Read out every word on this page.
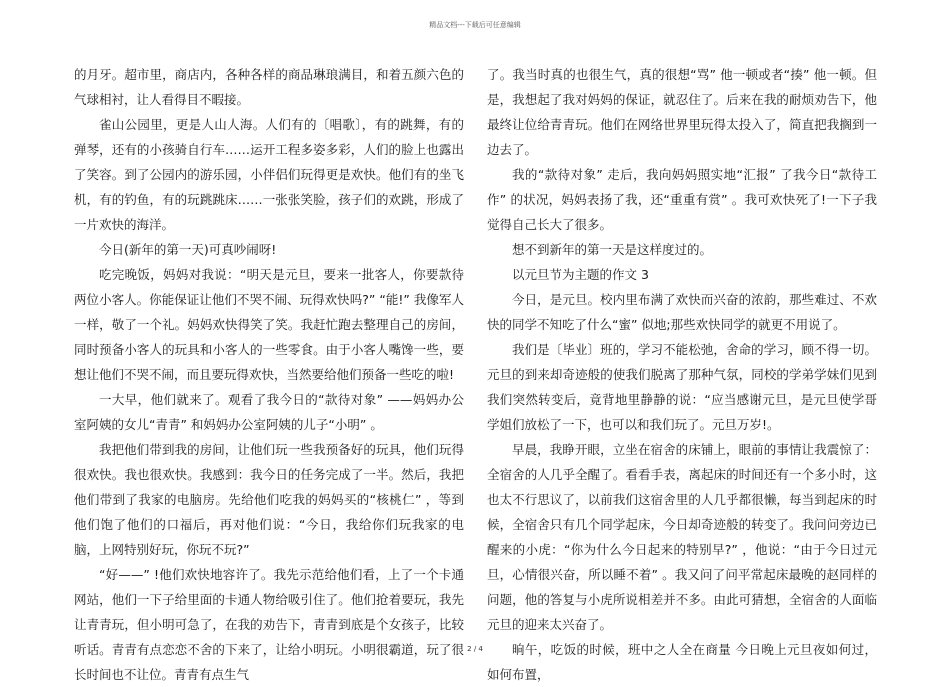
精品文档---下载后可任意编辑

的月牙。超市里，商店内，各种各样的商品琳琅满目，和着五颜六色的气球相衬，让人看得目不暇接。

雀山公园里，更是人山人海。人们有的〔唱歌〕，有的跳舞，有的弹琴，还有的小孩骑自行车……运开工程多姿多彩，人们的脸上也露出了笑容。到了公园内的游乐园，小伴侣们玩得更是欢快。他们有的坐飞机，有的钓鱼，有的玩跳跳床……一张张笑脸，孩子们的欢跳，形成了一片欢快的海洋。

今日(新年的第一天)可真吵闹呀!

吃完晚饭，妈妈对我说：“明天是元旦，要来一批客人，你要款待两位小客人。你能保证让他们不哭不闹、玩得欢快吗?” “能!” 我像军人一样，敬了一个礼。妈妈欢快得笑了笑。我赶忙跑去整理自己的房间，同时预备小客人的玩具和小客人的一些零食。由于小客人嘴馋一些，要想让他们不哭不闹，而且要玩得欢快，当然要给他们预备一些吃的啦!

一大早，他们就来了。观看了我今日的“款待对象” ——妈妈办公室阿姨的女儿“青青” 和妈妈办公室阿姨的儿子“小明” 。

我把他们带到我的房间，让他们玩一些我预备好的玩具，他们玩得很欢快。我也很欢快。我感到：我今日的任务完成了一半。然后，我把他们带到了我家的电脑房。先给他们吃我的妈妈买的“核桃仁” ，等到他们饱了他们的口福后，再对他们说：“今日，我给你们玩我家的电脑，上网特别好玩，你玩不玩?”

“好——” !他们欢快地容许了。我先示范给他们看，上了一个卡通网站，他们一下子给里面的卡通人物给吸引住了。他们抢着要玩，我先让青青玩，但小明可急了，在我的劝告下，青青到底是个女孩子，比较听话。青青有点恋恋不舍的下来了，让给小明玩。小明很霸道，玩了很长时间也不让位。青青有点生气

了。我当时真的也很生气，真的很想“骂” 他一顿或者“揍” 他一顿。但是，我想起了我对妈妈的保证，就忍住了。后来在我的耐烦劝告下，他最终让位给青青玩。他们在网络世界里玩得太投入了，简直把我搁到一边去了。

我的“款待对象” 走后，我向妈妈照实地“汇报” 了我今日“款待工作” 的状况，妈妈表扬了我，还“重重有赏” 。我可欢快死了!一下子我觉得自己长大了很多。

想不到新年的第一天是这样度过的。

以元旦节为主题的作文 3

今日，是元旦。校内里布满了欢快而兴奋的浓韵，那些难过、不欢快的同学不知吃了什么“蜜” 似地;那些欢快同学的就更不用说了。

我们是〔毕业〕班的，学习不能松弛，舍命的学习，顾不得一切。元旦的到来却奇迹般的使我们脱离了那种气氛，同校的学弟学妹们见到我们突然转变后，竟背地里静静的说：“应当感谢元旦，是元旦使学哥学姐们放松了一下，也可以和我们玩了。元旦万岁!。

早晨，我睁开眼，立坐在宿舍的床铺上，眼前的事情让我震惊了：全宿舍的人几乎全醒了。看看手表，离起床的时间还有一个多小时，这也太不行思议了，以前我们这宿舍里的人几乎都很懒，每当到起床的时候，全宿舍只有几个同学起床，今日却奇迹般的转变了。我问问旁边已醒来的小虎：“你为什么今日起来的特别早?” ，他说：“由于今日过元旦，心情很兴奋，所以睡不着” 。我又问了问平常起床最晚的赵同样的问题，他的答复与小虎所说相差并不多。由此可猜想，全宿舍的人面临元旦的迎来太兴奋了。

晌午，吃饭的时候，班中之人全在商量 今日晚上元旦夜如何过，如何布置，

2 / 4
